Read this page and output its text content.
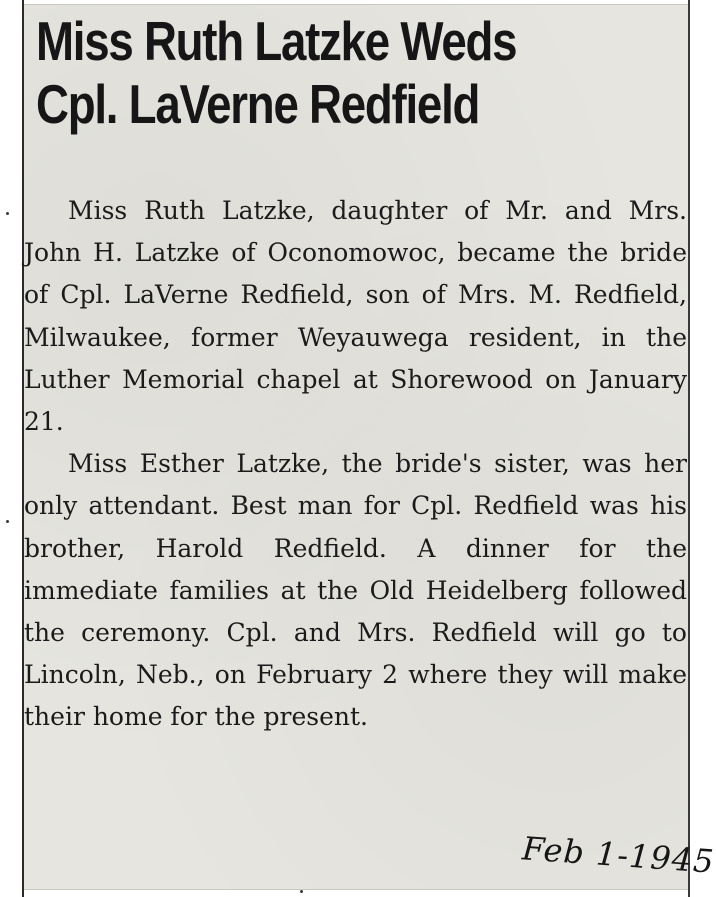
Miss Ruth Latzke Weds
Cpl. LaVerne Redfield

Miss Ruth Latzke, daughter of Mr. and Mrs. John H. Latzke of Oconomowoc, became the bride of Cpl. LaVerne Redfield, son of Mrs. M. Redfield, Milwaukee, former Weyauwega resident, in the Luther Memorial chapel at Shorewood on January 21.

Miss Esther Latzke, the bride's sister, was her only attendant. Best man for Cpl. Redfield was his brother, Harold Redfield. A dinner for the immediate families at the Old Heidelberg followed the ceremony. Cpl. and Mrs. Redfield will go to Lincoln, Neb., on February 2 where they will make their home for the present.

Feb 1-1945
